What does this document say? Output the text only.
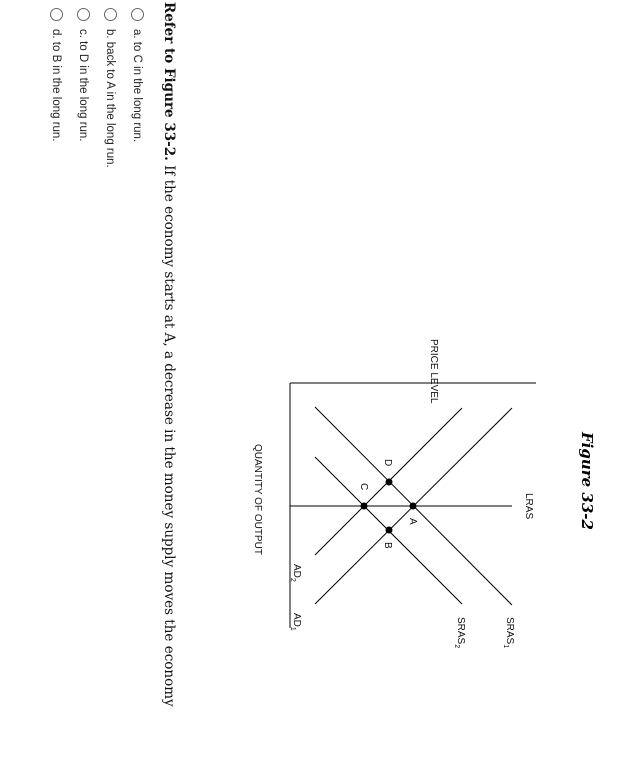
Figure 33-2
A
B
C
D
PRICE LEVEL
QUANTITY OF OUTPUT	LRAS
$SRAS_1$
$SRAS_2$
$AD_1$
$AD_2$
Refer to Figure 33-2. If the economy starts at A, a decrease in the money supply moves the economy
a. to C in the long run.
b. back to A in the long run.
c. to D in the long run.
d. to B in the long run.
